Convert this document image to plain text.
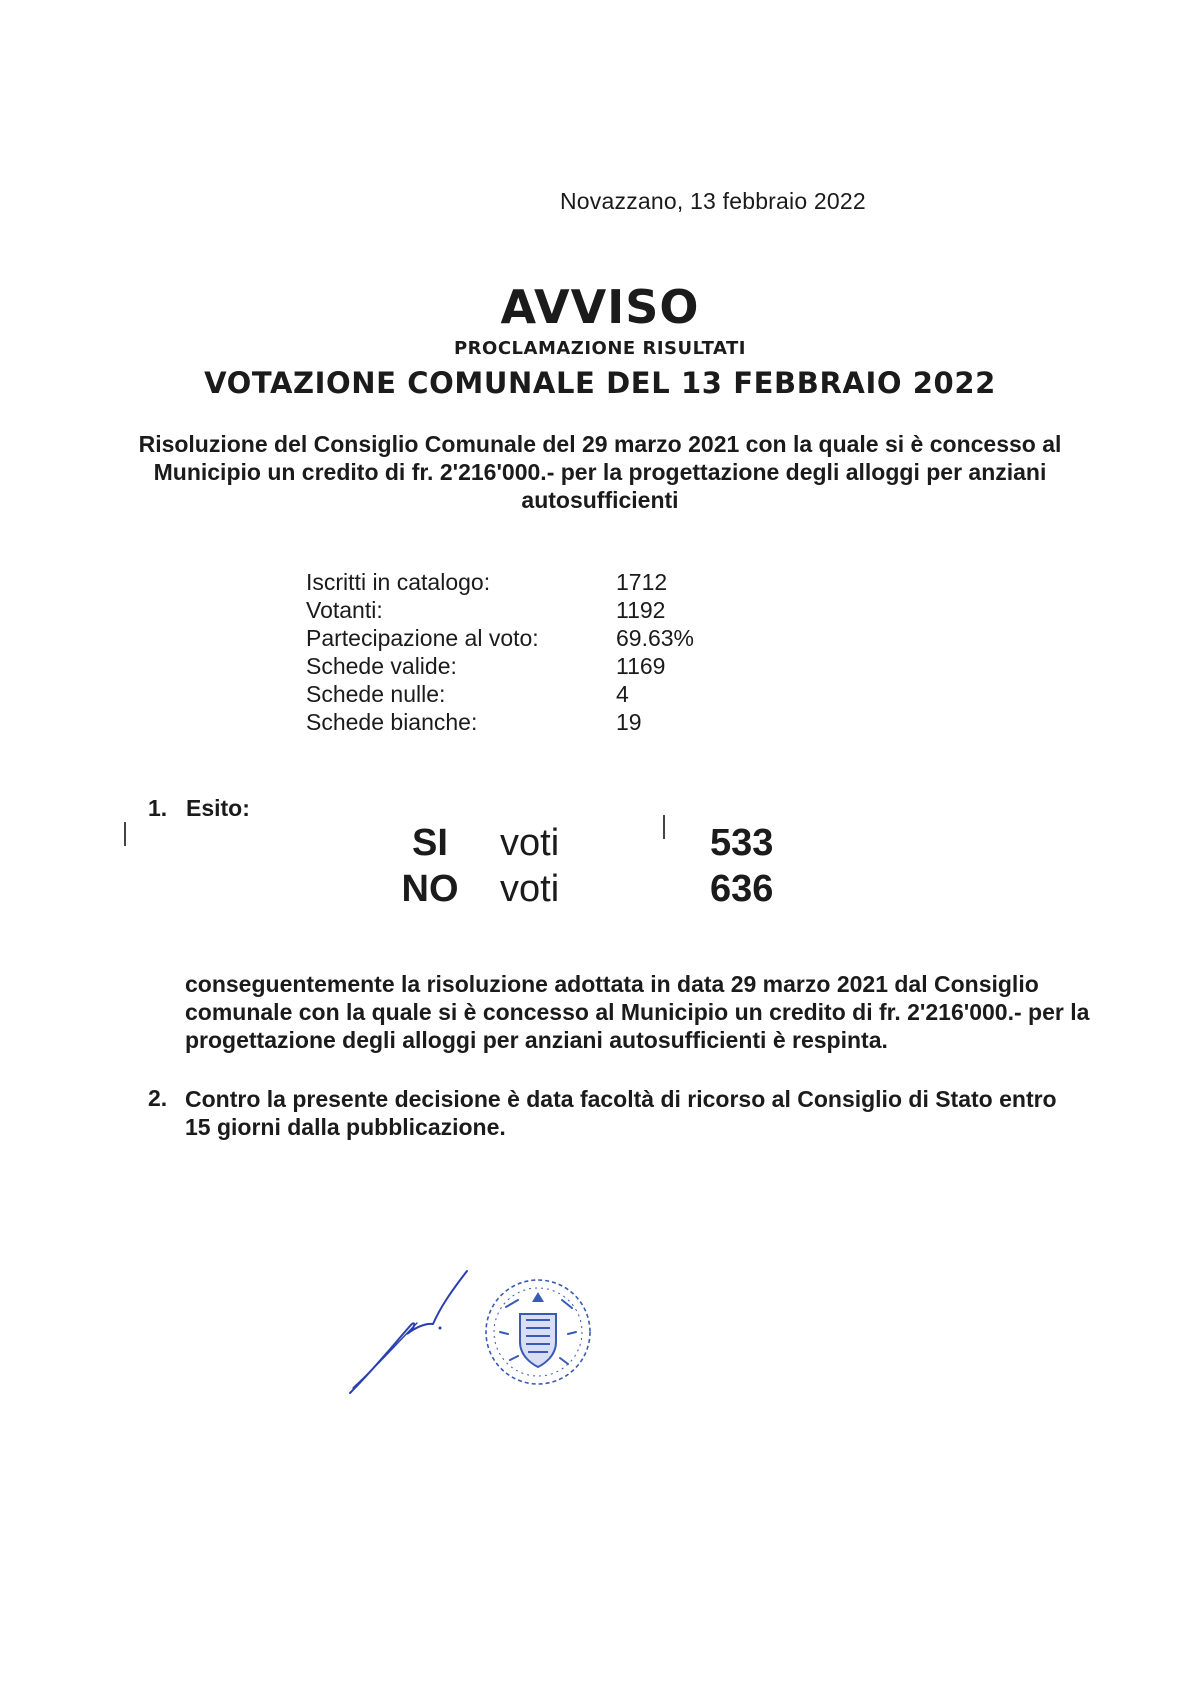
Novazzano, 13 febbraio 2022
AVVISO
PROCLAMAZIONE RISULTATI
VOTAZIONE COMUNALE DEL 13 FEBBRAIO 2022
Risoluzione del Consiglio Comunale del 29 marzo 2021 con la quale si è concesso al Municipio un credito di fr. 2'216'000.- per la progettazione degli alloggi per anziani autosufficienti
Iscritti in catalogo:	1712
Votanti:	1192
Partecipazione al voto:	69.63%
Schede valide:	1169
Schede nulle:	4
Schede bianche:	19
1. Esito:
SI	voti	533
NO	voti	636
conseguentemente la risoluzione adottata in data 29 marzo 2021 dal Consiglio comunale con la quale si è concesso al Municipio un credito di fr. 2'216'000.- per la progettazione degli alloggi per anziani autosufficienti è respinta.
2. Contro la presente decisione è data facoltà di ricorso al Consiglio di Stato entro 15 giorni dalla pubblicazione.
